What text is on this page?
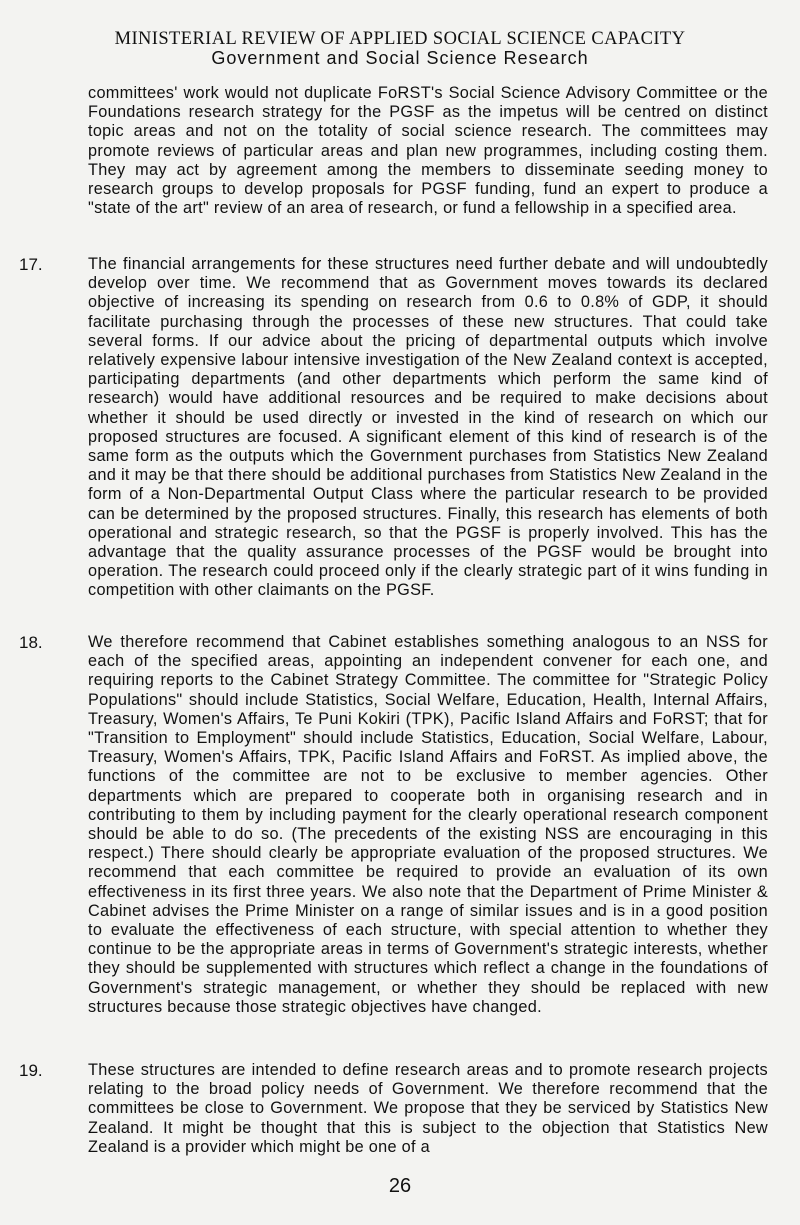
MINISTERIAL REVIEW OF APPLIED SOCIAL SCIENCE CAPACITY
Government and Social Science Research
committees' work would not duplicate FoRST's Social Science Advisory Committee or the Foundations research strategy for the PGSF as the impetus will be centred on distinct topic areas and not on the totality of social science research. The committees may promote reviews of particular areas and plan new programmes, including costing them. They may act by agreement among the members to disseminate seeding money to research groups to develop proposals for PGSF funding, fund an expert to produce a "state of the art" review of an area of research, or fund a fellowship in a specified area.
17.	The financial arrangements for these structures need further debate and will undoubtedly develop over time. We recommend that as Government moves towards its declared objective of increasing its spending on research from 0.6 to 0.8% of GDP, it should facilitate purchasing through the processes of these new structures. That could take several forms. If our advice about the pricing of departmental outputs which involve relatively expensive labour intensive investigation of the New Zealand context is accepted, participating departments (and other departments which perform the same kind of research) would have additional resources and be required to make decisions about whether it should be used directly or invested in the kind of research on which our proposed structures are focused. A significant element of this kind of research is of the same form as the outputs which the Government purchases from Statistics New Zealand and it may be that there should be additional purchases from Statistics New Zealand in the form of a Non-Departmental Output Class where the particular research to be provided can be determined by the proposed structures. Finally, this research has elements of both operational and strategic research, so that the PGSF is properly involved. This has the advantage that the quality assurance processes of the PGSF would be brought into operation. The research could proceed only if the clearly strategic part of it wins funding in competition with other claimants on the PGSF.
18.	We therefore recommend that Cabinet establishes something analogous to an NSS for each of the specified areas, appointing an independent convener for each one, and requiring reports to the Cabinet Strategy Committee. The committee for "Strategic Policy Populations" should include Statistics, Social Welfare, Education, Health, Internal Affairs, Treasury, Women's Affairs, Te Puni Kokiri (TPK), Pacific Island Affairs and FoRST; that for "Transition to Employment" should include Statistics, Education, Social Welfare, Labour, Treasury, Women's Affairs, TPK, Pacific Island Affairs and FoRST. As implied above, the functions of the committee are not to be exclusive to member agencies. Other departments which are prepared to cooperate both in organising research and in contributing to them by including payment for the clearly operational research component should be able to do so. (The precedents of the existing NSS are encouraging in this respect.) There should clearly be appropriate evaluation of the proposed structures. We recommend that each committee be required to provide an evaluation of its own effectiveness in its first three years. We also note that the Department of Prime Minister & Cabinet advises the Prime Minister on a range of similar issues and is in a good position to evaluate the effectiveness of each structure, with special attention to whether they continue to be the appropriate areas in terms of Government's strategic interests, whether they should be supplemented with structures which reflect a change in the foundations of Government's strategic management, or whether they should be replaced with new structures because those strategic objectives have changed.
19.	These structures are intended to define research areas and to promote research projects relating to the broad policy needs of Government. We therefore recommend that the committees be close to Government. We propose that they be serviced by Statistics New Zealand. It might be thought that this is subject to the objection that Statistics New Zealand is a provider which might be one of a
26
